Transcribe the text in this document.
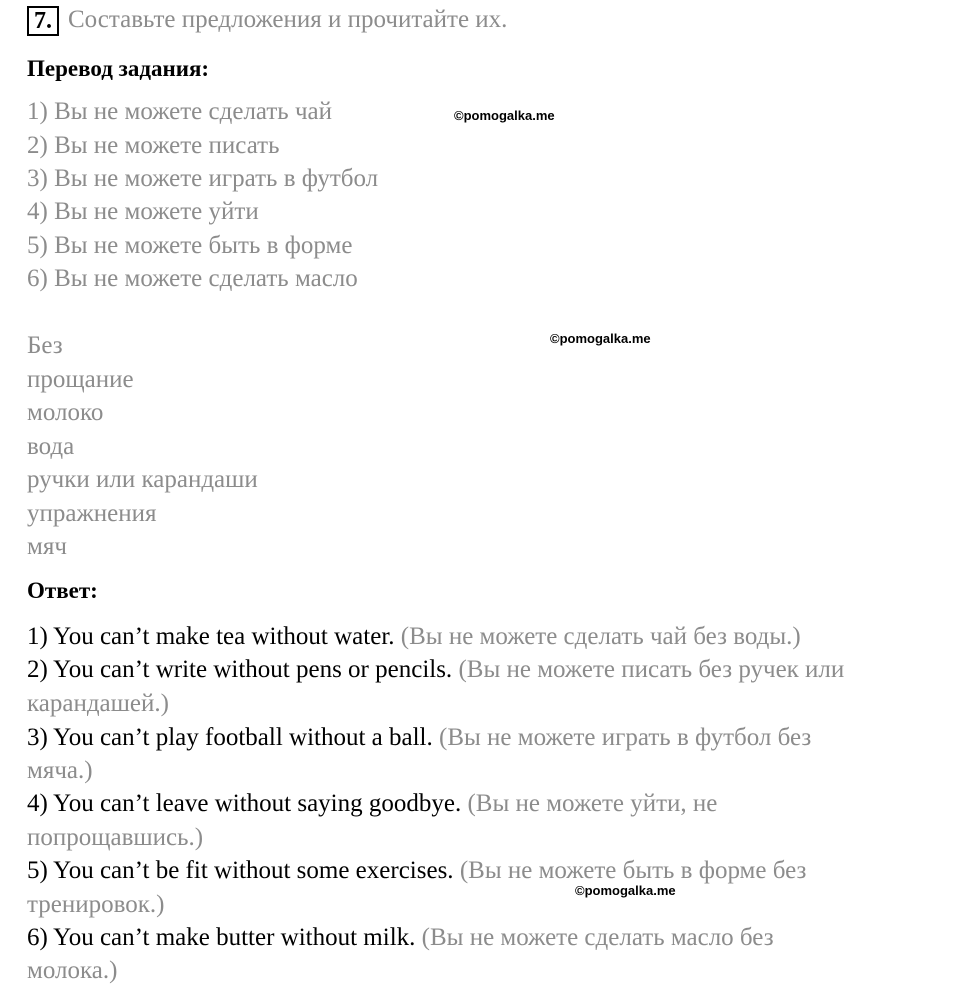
7. Составьте предложения и прочитайте их.
Перевод задания:
1) Вы не можете сделать чай
2) Вы не можете писать
3) Вы не можете играть в футбол
4) Вы не можете уйти
5) Вы не можете быть в форме
6) Вы не можете сделать масло
Без
прощание
молоко
вода
ручки или карандаши
упражнения
мяч
Ответ:
1) You can’t make tea without water. (Вы не можете сделать чай без воды.)
2) You can’t write without pens or pencils. (Вы не можете писать без ручек или
карандашей.)
3) You can’t play football without a ball. (Вы не можете играть в футбол без
мяча.)
4) You can’t leave without saying goodbye. (Вы не можете уйти, не
попрощавшись.)
5) You can’t be fit without some exercises. (Вы не можете быть в форме без
тренировок.)
6) You can’t make butter without milk. (Вы не можете сделать масло без
молока.)
©pomogalka.me
©pomogalka.me
©pomogalka.me
